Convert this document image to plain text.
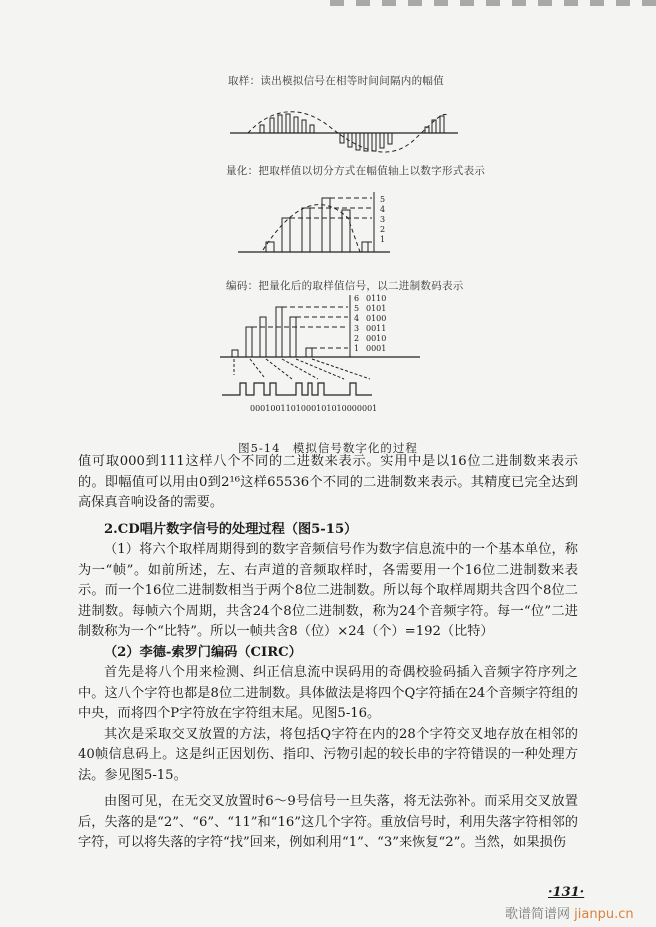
取样：读出模拟信号在相等时间间隔内的幅值
量化：把取样值以切分方式在幅值轴上以数字形式表示
5
4
3
2
1
编码：把量化后的取样值信号，以二进制数码表示
6
5
4
3
2
1
0110
0101
0100
0011
0010
0001
0001001101000101010000001
图5-14　模拟信号数字化的过程

值可取000到111这样八个不同的二进数来表示。实用中是以16位二进制数来表示的。即幅值可以用由0到2¹⁶这样65536个不同的二进制数来表示。其精度已完全达到高保真音响设备的需要。

2.CD唱片数字信号的处理过程（图5-15）

（1）将六个取样周期得到的数字音频信号作为数字信息流中的一个基本单位，称为一“帧”。如前所述，左、右声道的音频取样时，各需要用一个16位二进制数来表示。而一个16位二进制数相当于两个8位二进制数。所以每个取样周期共含四个8位二进制数。每帧六个周期，共含24个8位二进制数，称为24个音频字符。每一“位”二进制数称为一个“比特”。所以一帧共含8（位）×24（个）=192（比特）

（2）李德-索罗门编码（CIRC）

首先是将八个用来检测、纠正信息流中误码用的奇偶校验码插入音频字符序列之中。这八个字符也都是8位二进制数。具体做法是将四个Q字符插在24个音频字符组的中央，而将四个P字符放在字符组末尾。见图5-16。

其次是采取交叉放置的方法，将包括Q字符在内的28个字符交叉地存放在相邻的40帧信息码上。这是纠正因划伤、指印、污物引起的较长串的字符错误的一种处理方法。参见图5-15。

由图可见，在无交叉放置时6～9号信号一旦失落，将无法弥补。而采用交叉放置后，失落的是“2”、“6”、“11”和“16”这几个字符。重放信号时，利用失落字符相邻的字符，可以将失落的字符“找”回来，例如利用“1”、“3”来恢复“2”。当然，如果损伤

·131·
歌谱简谱网 jianpu.cn
